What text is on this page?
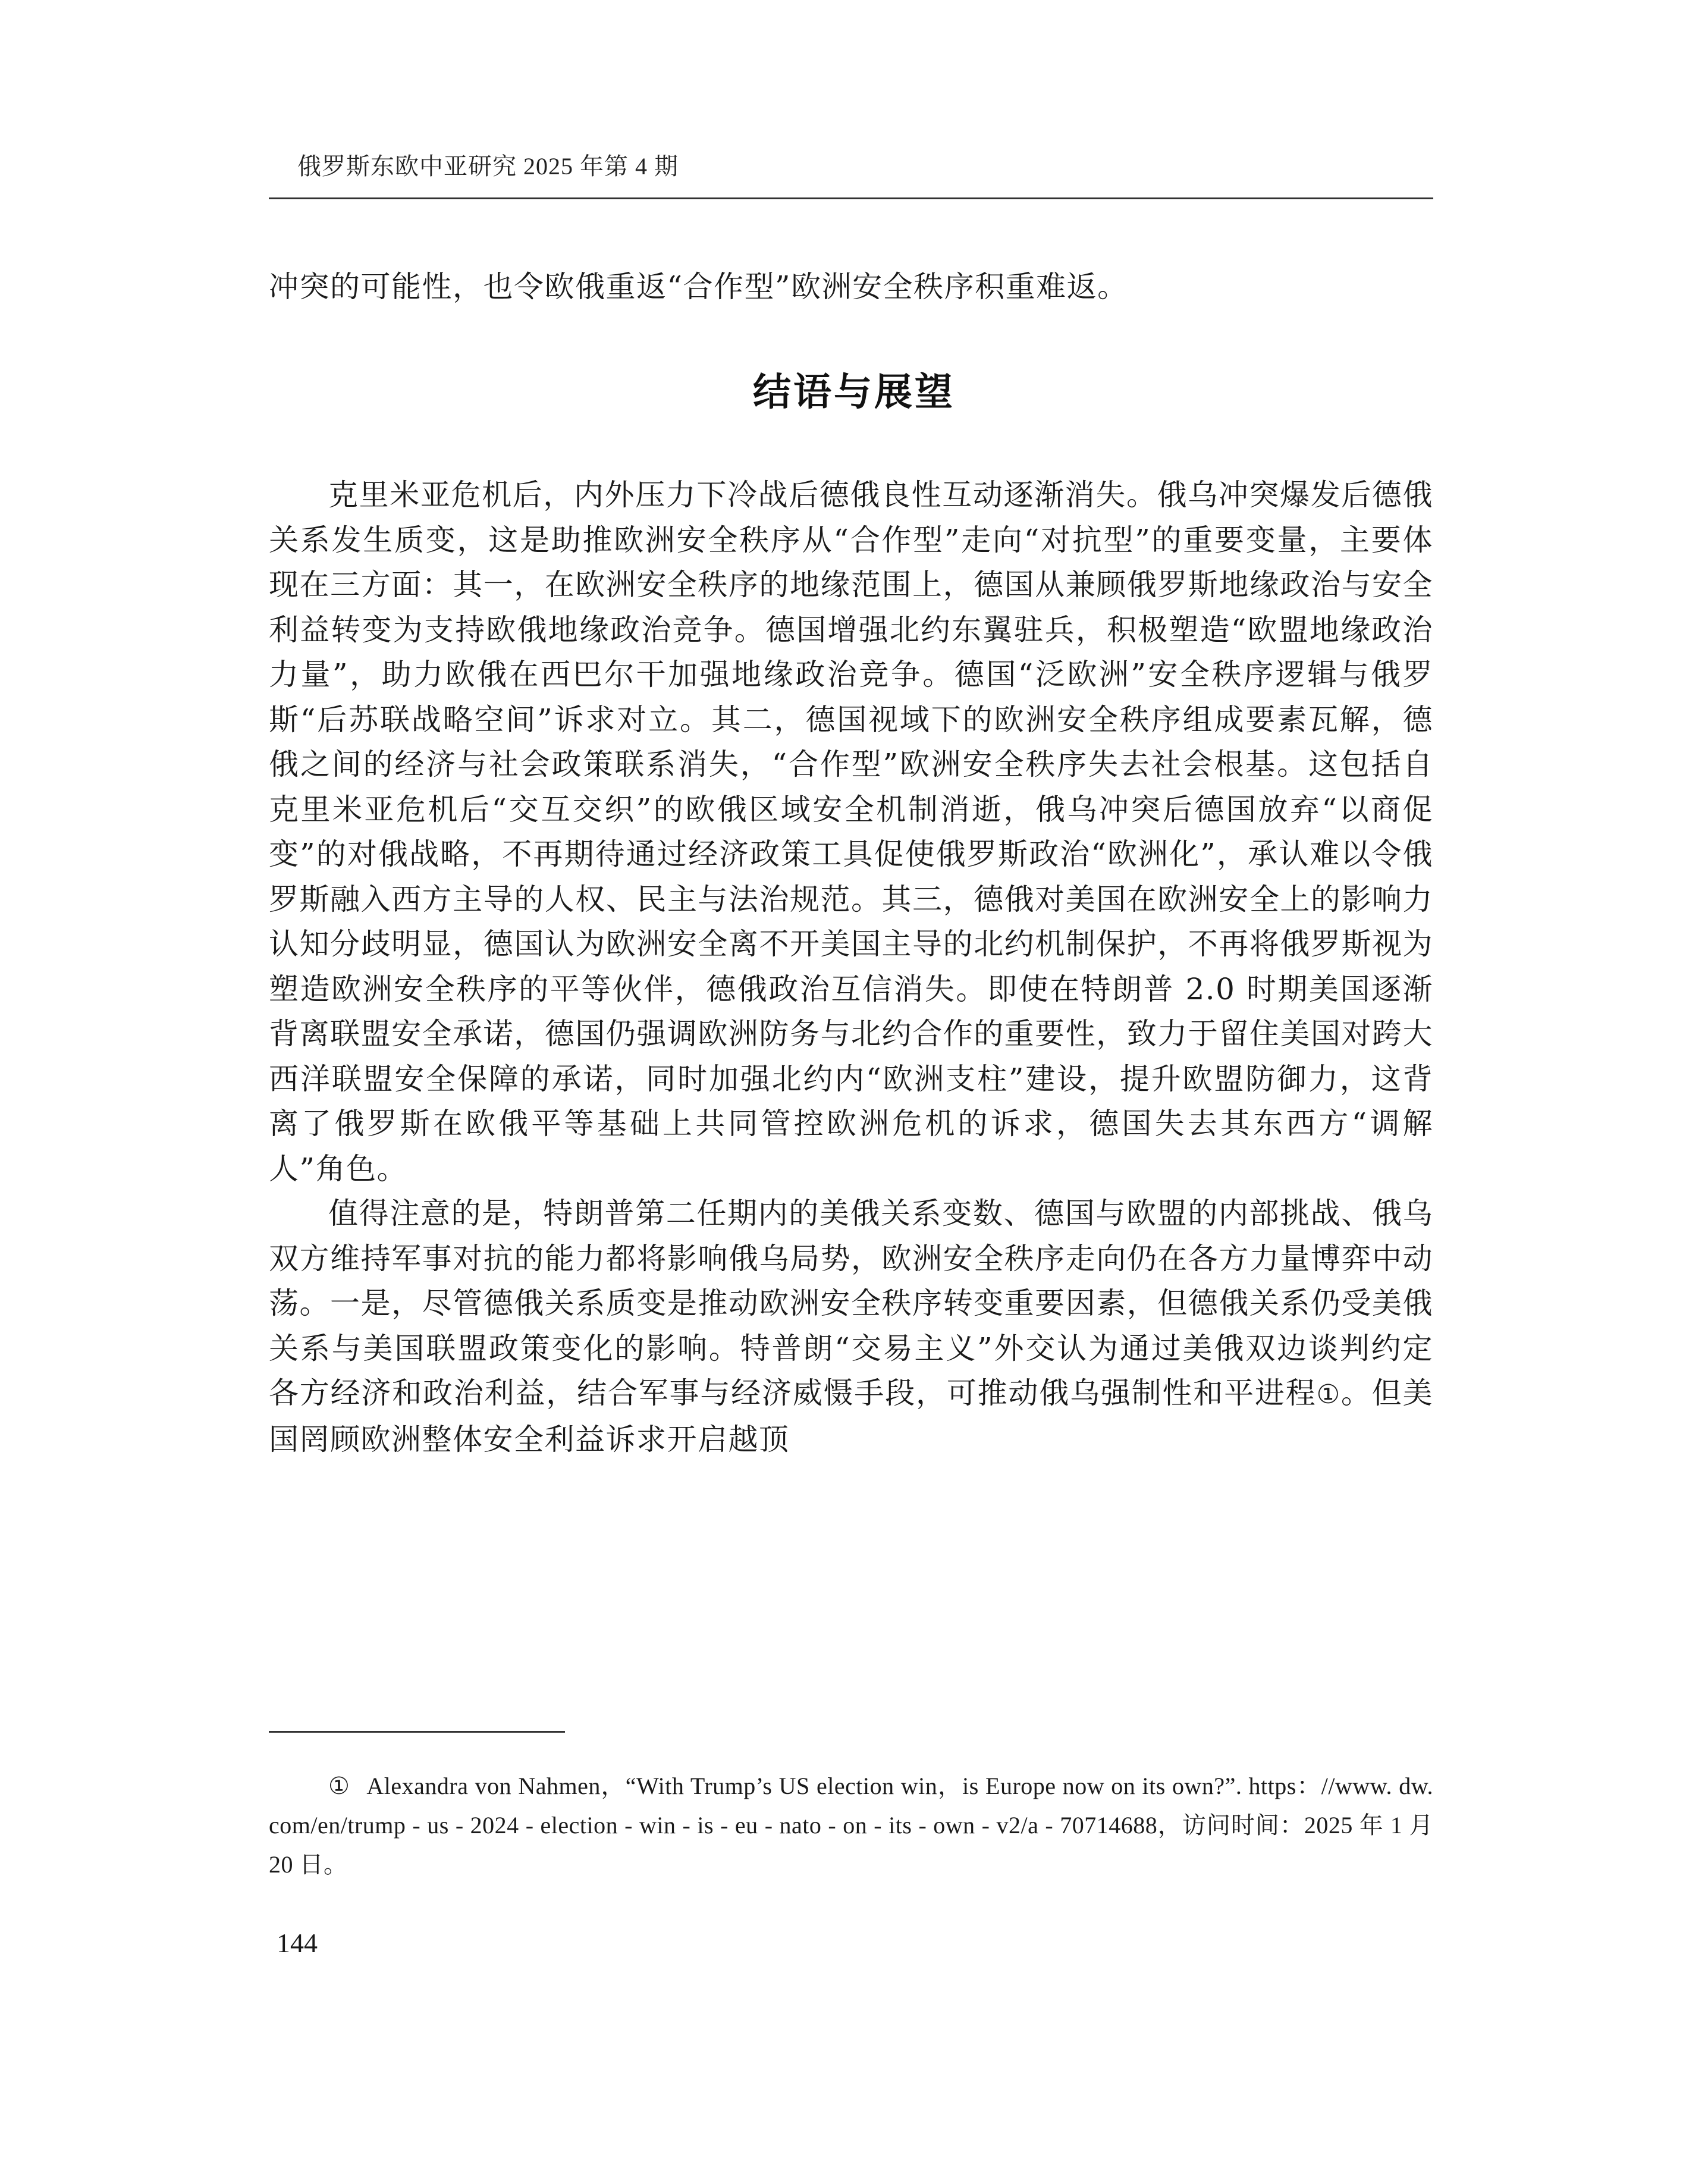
俄罗斯东欧中亚研究 2025 年第 4 期
冲突的可能性，也令欧俄重返“合作型”欧洲安全秩序积重难返。
结语与展望

克里米亚危机后，内外压力下冷战后德俄良性互动逐渐消失。俄乌冲突爆发后德俄关系发生质变，这是助推欧洲安全秩序从“合作型”走向“对抗型”的重要变量，主要体现在三方面：其一，在欧洲安全秩序的地缘范围上，德国从兼顾俄罗斯地缘政治与安全利益转变为支持欧俄地缘政治竞争。德国增强北约东翼驻兵，积极塑造“欧盟地缘政治力量”，助力欧俄在西巴尔干加强地缘政治竞争。德国“泛欧洲”安全秩序逻辑与俄罗斯“后苏联战略空间”诉求对立。其二，德国视域下的欧洲安全秩序组成要素瓦解，德俄之间的经济与社会政策联系消失，“合作型”欧洲安全秩序失去社会根基。这包括自克里米亚危机后“交互交织”的欧俄区域安全机制消逝，俄乌冲突后德国放弃“以商促变”的对俄战略，不再期待通过经济政策工具促使俄罗斯政治“欧洲化”，承认难以令俄罗斯融入西方主导的人权、民主与法治规范。其三，德俄对美国在欧洲安全上的影响力认知分歧明显，德国认为欧洲安全离不开美国主导的北约机制保护，不再将俄罗斯视为塑造欧洲安全秩序的平等伙伴，德俄政治互信消失。即使在特朗普 2.0 时期美国逐渐背离联盟安全承诺，德国仍强调欧洲防务与北约合作的重要性，致力于留住美国对跨大西洋联盟安全保障的承诺，同时加强北约内“欧洲支柱”建设，提升欧盟防御力，这背离了俄罗斯在欧俄平等基础上共同管控欧洲危机的诉求，德国失去其东西方“调解人”角色。

值得注意的是，特朗普第二任期内的美俄关系变数、德国与欧盟的内部挑战、俄乌双方维持军事对抗的能力都将影响俄乌局势，欧洲安全秩序走向仍在各方力量博弈中动荡。一是，尽管德俄关系质变是推动欧洲安全秩序转变重要因素，但德俄关系仍受美俄关系与美国联盟政策变化的影响。特普朗“交易主义”外交认为通过美俄双边谈判约定各方经济和政治利益，结合军事与经济威慑手段，可推动俄乌强制性和平进程①。但美国罔顾欧洲整体安全利益诉求开启越顶

① Alexandra von Nahmen，“With Trump’s US election win，is Europe now on its own?”. https：//www. dw. com/en/trump - us - 2024 - election - win - is - eu - nato - on - its - own - v2/a - 70714688，访问时间：2025 年 1 月 20 日。
144
